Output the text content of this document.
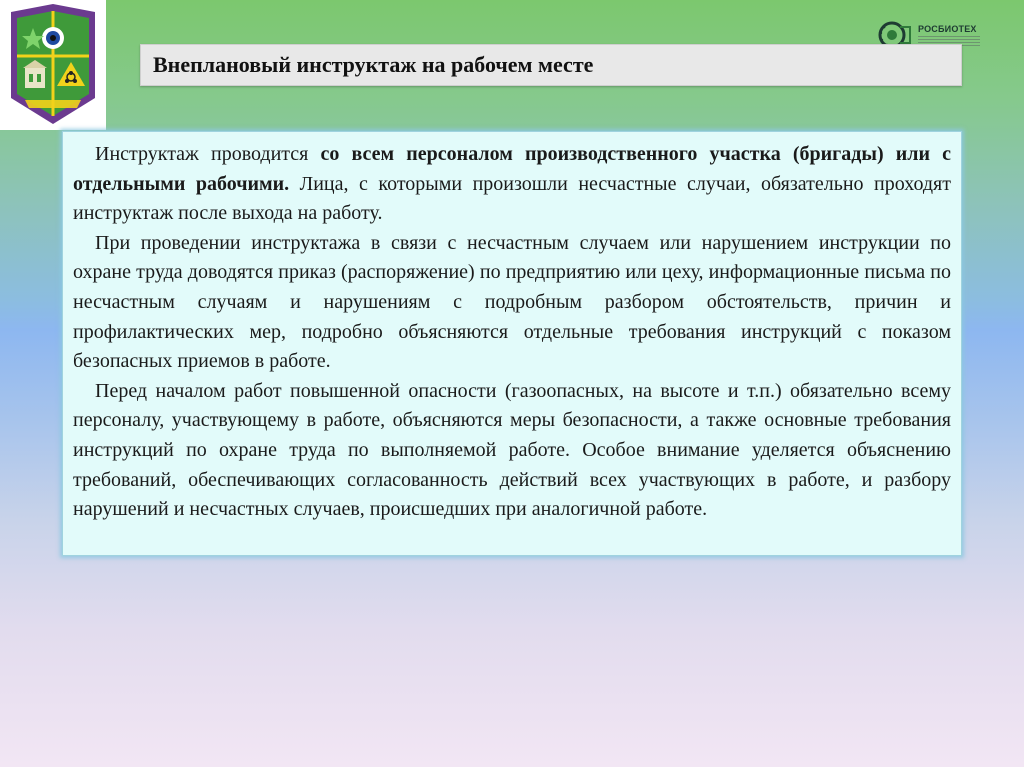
РОСБИОТЕХ
Внеплановый инструктаж на рабочем месте

Инструктаж проводится со всем персоналом производственного участка (бригады) или с отдельными рабочими. Лица, с которыми произошли несчастные случаи, обязательно проходят инструктаж после выхода на работу.

При проведении инструктажа в связи с несчастным случаем или нарушением инструкции по охране труда доводятся приказ (распоряжение) по предприятию или цеху, информационные письма по несчастным случаям и нарушениям с подробным разбором обстоятельств, причин и профилактических мер, подробно объясняются отдельные требования инструкций с показом безопасных приемов в работе.

Перед началом работ повышенной опасности (газоопасных, на высоте и т.п.) обязательно всему персоналу, участвующему в работе, объясняются меры безопасности, а также основные требования инструкций по охране труда по выполняемой работе. Особое внимание уделяется объяснению требований, обеспечивающих согласованность действий всех участвующих в работе, и разбору нарушений и несчастных случаев, происшедших при аналогичной работе.
